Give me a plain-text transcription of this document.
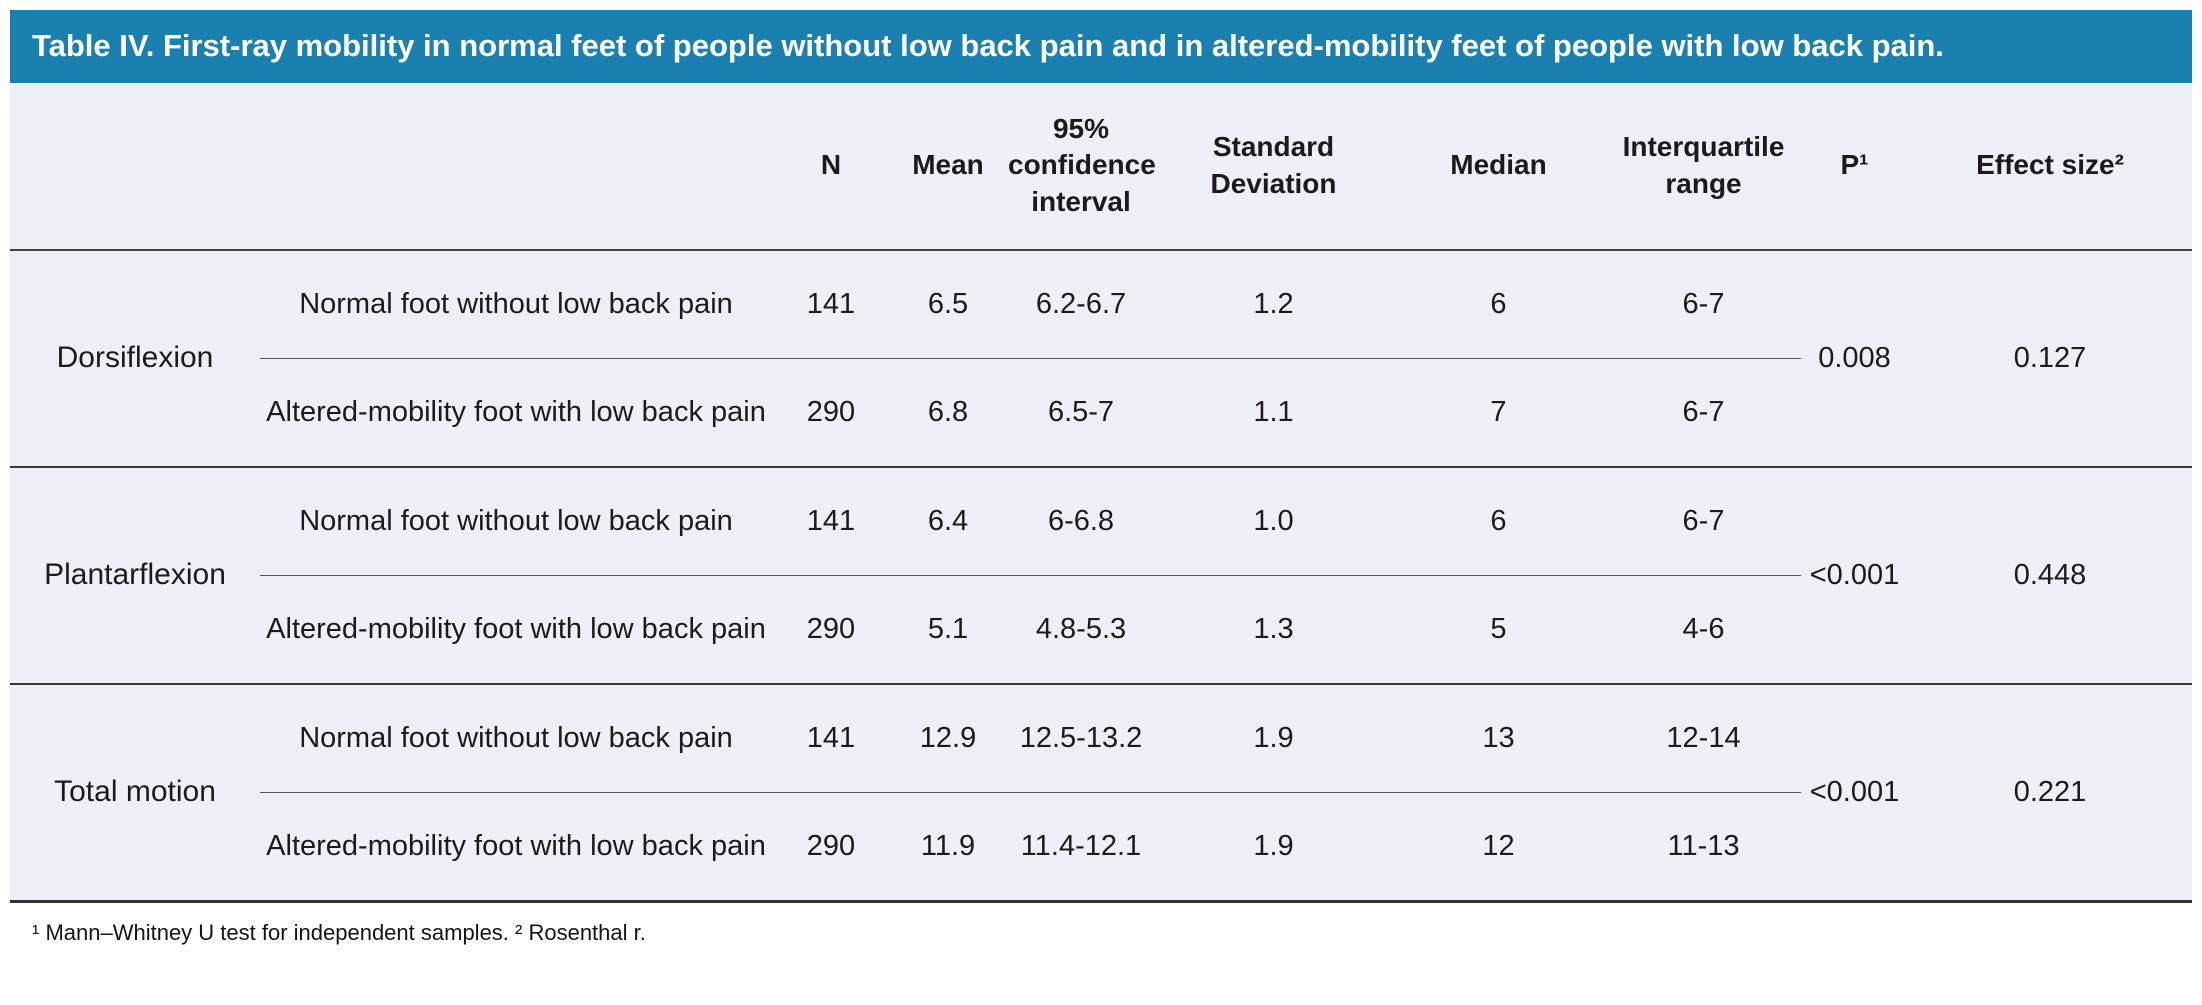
Table IV. First-ray mobility in normal feet of people without low back pain and in altered-mobility feet of people with low back pain.
		N	Mean	95% confidence interval	Standard Deviation	Median	Interquartile range	P¹	Effect size²
Dorsiflexion	Normal foot without low back pain	141	6.5	6.2-6.7	1.2	6	6-7	0.008	0.127
	Altered-mobility foot with low back pain	290	6.8	6.5-7	1.1	7	6-7		
Plantarflexion	Normal foot without low back pain	141	6.4	6-6.8	1.0	6	6-7	<0.001	0.448
	Altered-mobility foot with low back pain	290	5.1	4.8-5.3	1.3	5	4-6		
Total motion	Normal foot without low back pain	141	12.9	12.5-13.2	1.9	13	12-14	<0.001	0.221
	Altered-mobility foot with low back pain	290	11.9	11.4-12.1	1.9	12	11-13		
¹ Mann–Whitney U test for independent samples. ² Rosenthal r.
